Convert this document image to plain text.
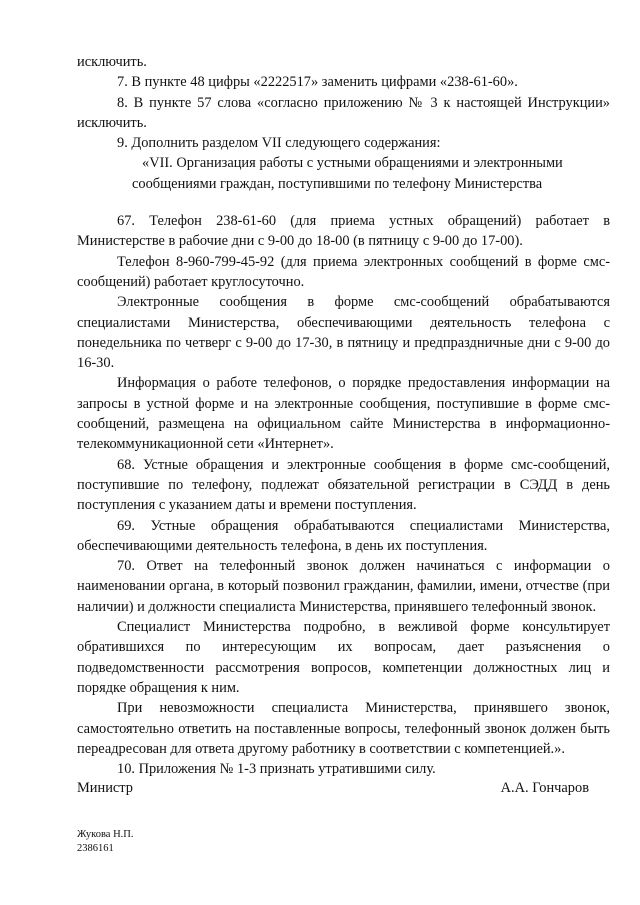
исключить.

7. В пункте 48 цифры «2222517» заменить цифрами «238-61-60».

8. В пункте 57 слова «согласно приложению № 3 к настоящей Инструкции» исключить.

9. Дополнить разделом VII следующего содержания:

«VII. Организация работы с устными обращениями и электронными сообщениями граждан, поступившими по телефону Министерства

67. Телефон 238-61-60 (для приема устных обращений) работает в Министерстве в рабочие дни с 9-00 до 18-00 (в пятницу с 9-00 до 17-00).

Телефон 8-960-799-45-92 (для приема электронных сообщений в форме смс-сообщений) работает круглосуточно.

Электронные сообщения в форме смс-сообщений обрабатываются специалистами Министерства, обеспечивающими деятельность телефона с понедельника по четверг с 9-00 до 17-30, в пятницу и предпраздничные дни с 9-00 до 16-30.

Информация о работе телефонов, о порядке предоставления информации на запросы в устной форме и на электронные сообщения, поступившие в форме смс-сообщений, размещена на официальном сайте Министерства в информационно-телекоммуникационной сети «Интернет».

68. Устные обращения и электронные сообщения в форме смс-сообщений, поступившие по телефону, подлежат обязательной регистрации в СЭДД в день поступления с указанием даты и времени поступления.

69. Устные обращения обрабатываются специалистами Министерства, обеспечивающими деятельность телефона, в день их поступления.

70. Ответ на телефонный звонок должен начинаться с информации о наименовании органа, в который позвонил гражданин, фамилии, имени, отчестве (при наличии) и должности специалиста Министерства, принявшего телефонный звонок.

Специалист Министерства подробно, в вежливой форме консультирует обратившихся по интересующим их вопросам, дает разъяснения о подведомственности рассмотрения вопросов, компетенции должностных лиц и порядке обращения к ним.

При невозможности специалиста Министерства, принявшего звонок, самостоятельно ответить на поставленные вопросы, телефонный звонок должен быть переадресован для ответа другому работнику в соответствии с компетенцией.».

10. Приложения № 1-3 признать утратившими силу.

Министр	А.А. Гончаров
Жукова Н.П.
2386161
